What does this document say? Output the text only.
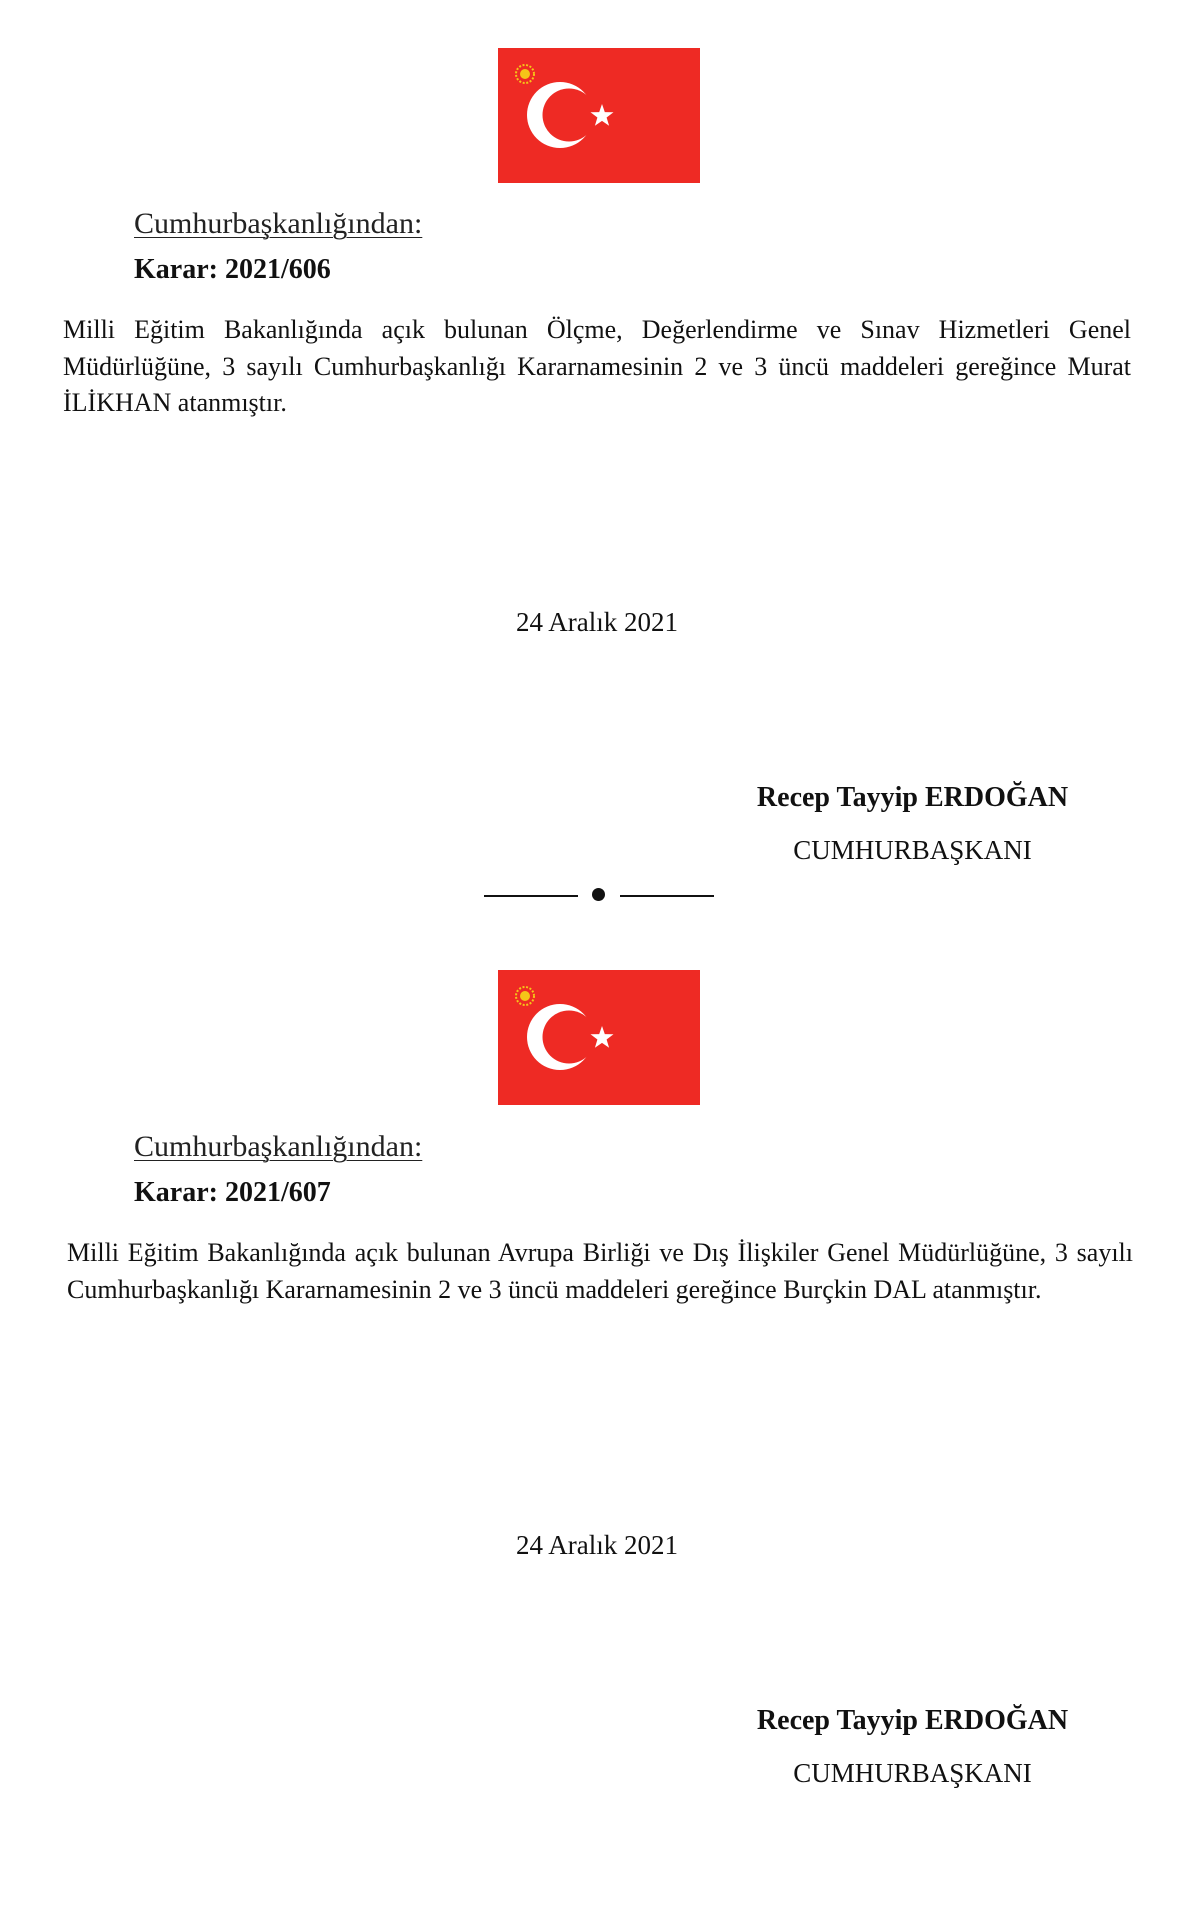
Cumhurbaşkanlığından:
Karar: 2021/606
Milli Eğitim Bakanlığında açık bulunan Ölçme, Değerlendirme ve Sınav Hizmetleri Genel Müdürlüğüne, 3 sayılı Cumhurbaşkanlığı Kararnamesinin 2 ve 3 üncü maddeleri gereğince Murat İLİKHAN atanmıştır.
24 Aralık 2021
Recep Tayyip ERDOĞAN
CUMHURBAŞKANI
Cumhurbaşkanlığından:
Karar: 2021/607
Milli Eğitim Bakanlığında açık bulunan Avrupa Birliği ve Dış İlişkiler Genel Müdürlüğüne, 3 sayılı Cumhurbaşkanlığı Kararnamesinin 2 ve 3 üncü maddeleri gereğince Burçkin DAL atanmıştır.
24 Aralık 2021
Recep Tayyip ERDOĞAN
CUMHURBAŞKANI
